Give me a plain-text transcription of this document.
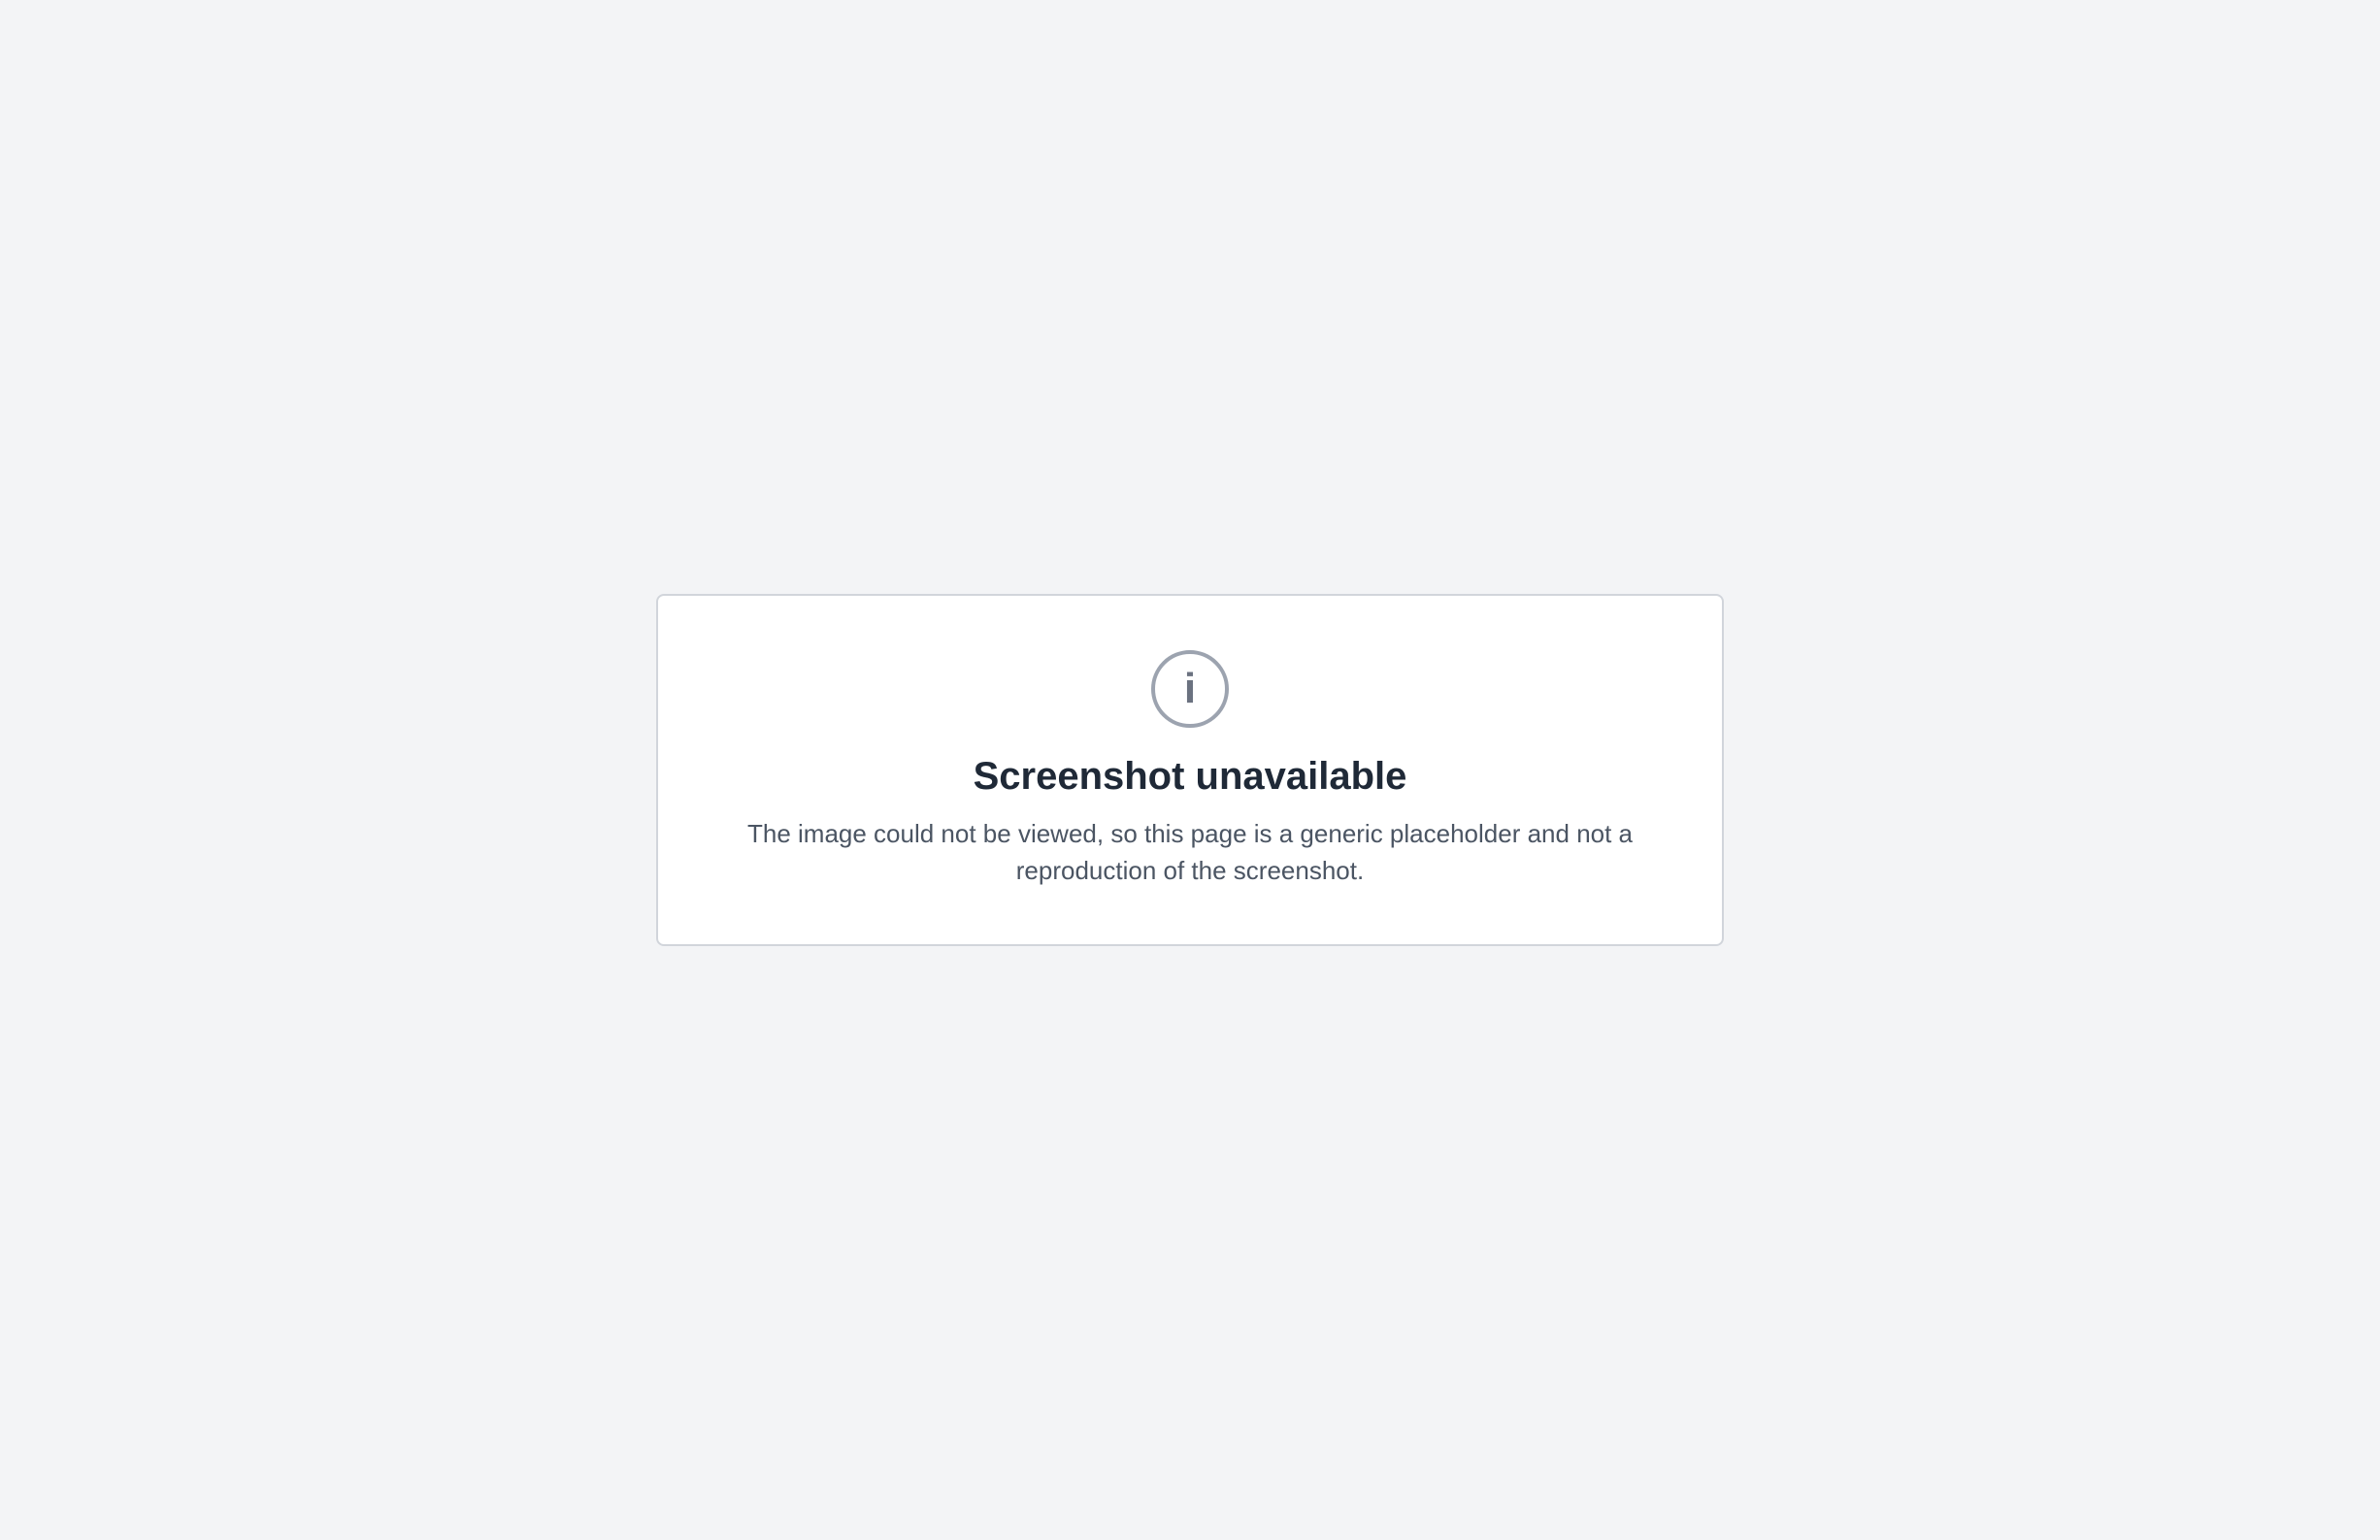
i
Screenshot unavailable

The image could not be viewed, so this page is a generic placeholder and not a reproduction of the screenshot.
